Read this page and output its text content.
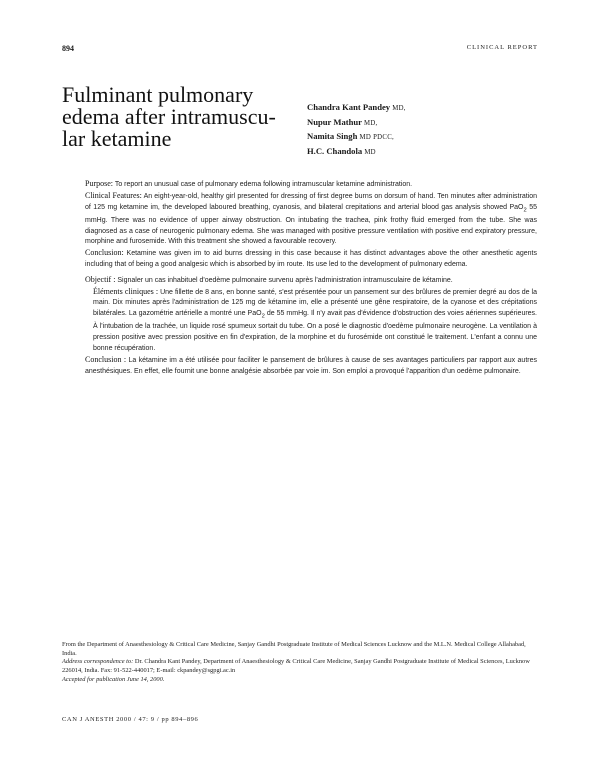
894	CLINICAL REPORT
Fulminant pulmonary
edema after intramuscu-
lar ketamine
Chandra Kant Pandey MD,
Nupur Mathur MD,
Namita Singh MD PDCC,
H.C. Chandola MD

Purpose: To report an unusual case of pulmonary edema following intramuscular ketamine administration.

Clinical Features: An eight-year-old, healthy girl presented for dressing of first degree burns on dorsum of hand. Ten minutes after administration of 125 mg ketamine im, the developed laboured breathing, cyanosis, and bilateral crepitations and arterial blood gas analysis showed PaO$_2$ 55 mmHg. There was no evidence of upper airway obstruction. On intubating the trachea, pink frothy fluid emerged from the tube. She was diagnosed as a case of neurogenic pulmonary edema. She was managed with positive pressure ventilation with positive end expiratory pressure, morphine and furosemide. With this treatment she showed a favourable recovery.

Conclusion: Ketamine was given im to aid burns dressing in this case because it has distinct advantages above the other anesthetic agents including that of being a good analgesic which is absorbed by im route. Its use led to the development of pulmonary edema.

Objectif : Signaler un cas inhabituel d'oedème pulmonaire survenu après l'administration intramusculaire de kétamine.

Éléments cliniques : Une fillette de 8 ans, en bonne santé, s'est présentée pour un pansement sur des brûlures de premier degré au dos de la main. Dix minutes après l'administration de 125 mg de kétamine im, elle a présenté une gêne respiratoire, de la cyanose et des crépitations bilatérales. La gazométrie artérielle a montré une PaO$_2$ de 55 mmHg. Il n'y avait pas d'évidence d'obstruction des voies aériennes supérieures. À l'intubation de la trachée, un liquide rosé spumeux sortait du tube. On a posé le diagnostic d'oedème pulmonaire neurogène. La ventilation à pression positive avec pression positive en fin d'expiration, de la morphine et du furosémide ont constitué le traitement. L'enfant a connu une bonne récupération.

Conclusion : La kétamine im a été utilisée pour faciliter le pansement de brûlures à cause de ses avantages particuliers par rapport aux autres anesthésiques. En effet, elle fournit une bonne analgésie absorbée par voie im. Son emploi a provoqué l'apparition d'un oedème pulmonaire.

From the Department of Anaesthesiology & Critical Care Medicine, Sanjay Gandhi Postgraduate Institute of Medical Sciences Lucknow and the M.L.N. Medical College Allahabad, India.

Address correspondence to: Dr. Chandra Kant Pandey, Department of Anaesthesiology & Critical Care Medicine, Sanjay Gandhi Postgraduate Institute of Medical Sciences, Lucknow 226014, India. Fax: 91-522-440017; E-mail: ckpandey@sgpgi.ac.in

Accepted for publication June 14, 2000.

CAN J ANESTH 2000 / 47: 9 / pp 894–896
